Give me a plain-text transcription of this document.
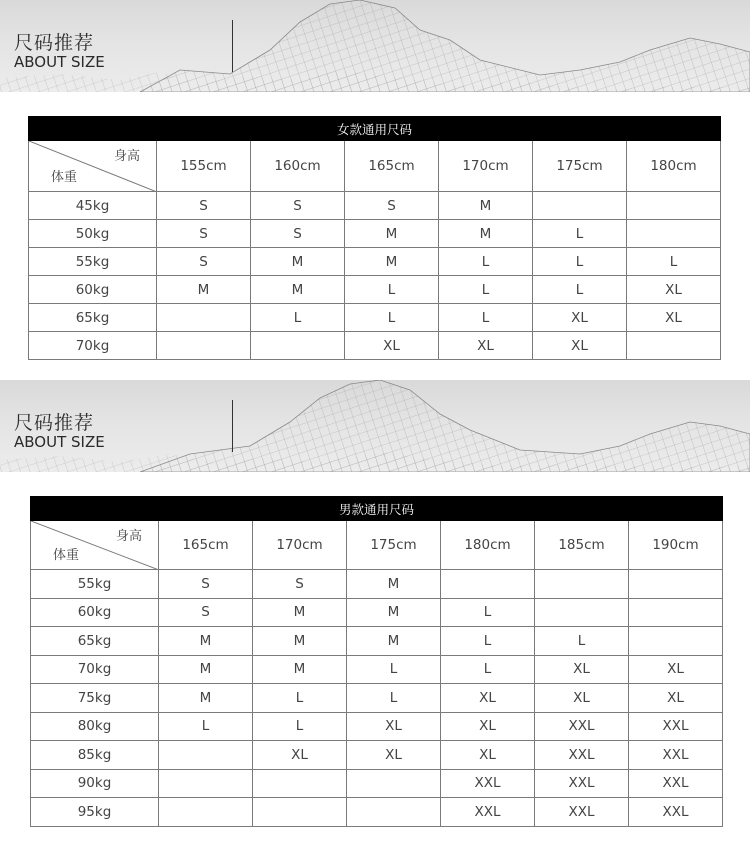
尺码推荐
ABOUT SIZE
女款通用尺码						

身高
体重	155cm	160cm	165cm	170cm	175cm	180cm
45kg	S	S	S	M		
50kg	S	S	M	M	L	
55kg	S	M	M	L	L	L
60kg	M	M	L	L	L	XL
65kg		L	L	L	XL	XL
70kg			XL	XL	XL	
尺码推荐
ABOUT SIZE
男款通用尺码						

身高
体重	165cm	170cm	175cm	180cm	185cm	190cm
55kg	S	S	M			
60kg	S	M	M	L		
65kg	M	M	M	L	L	
70kg	M	M	L	L	XL	XL
75kg	M	L	L	XL	XL	XL
80kg	L	L	XL	XL	XXL	XXL
85kg		XL	XL	XL	XXL	XXL
90kg				XXL	XXL	XXL
95kg				XXL	XXL	XXL
